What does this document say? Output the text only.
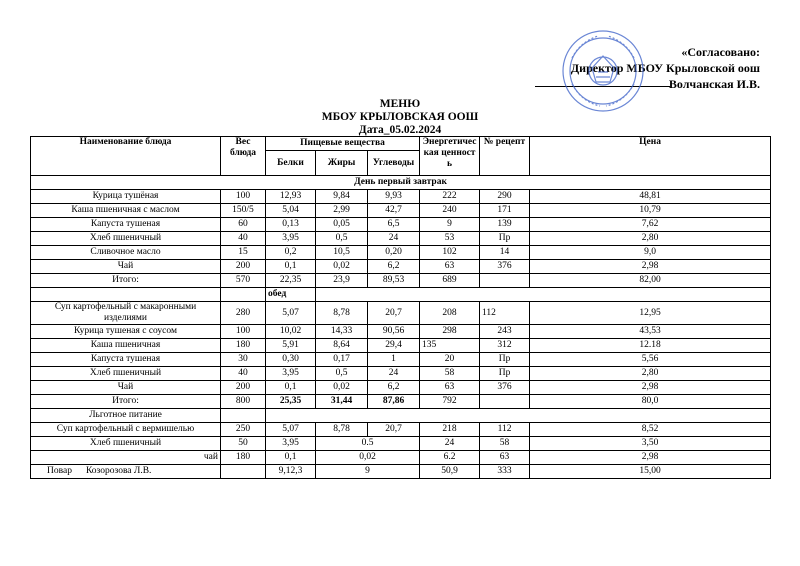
«Согласовано:
Директор МБОУ Крыловской оош
Волчанская И.В.
МЕНЮ
МБОУ КРЫЛОВСКАЯ ООШ
Дата_05.02.2024
Наименование блюда	Вес блюда	Пищевые вещества			Энергетическая ценность	№ рецепт	Цена
		Белки	Жиры	Углеводы			
День первый завтрак							
Курица тушёная	100	12,93	9,84	9,93	222	290	48,81
Каша пшеничная с маслом	150/5	5,04	2,99	42,7	240	171	10,79
Капуста тушеная	60	0,13	0,05	6,5	9	139	7,62
Хлеб пшеничный	40	3,95	0,5	24	53	Пр	2,80
Сливочное масло	15	0,2	10,5	0,20	102	14	9,0
Чай	200	0,1	0,02	6,2	63	376	2,98
Итого:	570	22,35	23,9	89,53	689		82,00
		обед					
Суп картофельный с макаронными изделиями	280	5,07	8,78	20,7	208	112	12,95
Курица тушеная с соусом	100	10,02	14,33	90,56	298	243	43,53
Каша пшеничная	180	5,91	8,64	29,4	135	312	12.18
Капуста тушеная	30	0,30	0,17	1	20	Пр	5,56
Хлеб пшеничный	40	3,95	0,5	24	58	Пр	2,80
Чай	200	0,1	0,02	6,2	63	376	2,98
Итого:	800	25,35	31,44	87,86	792		80,0
Льготное питание							
Суп картофельный с вермишелью	250	5,07	8,78	20,7	218	112	8,52
Хлеб пшеничный	50	3,95	0.5		24	58	3,50
чай	180	0,1	0,02		6.2	63	2,98
Повар Козорозова Л.В.		9,12,3	9		50,9	333	15,00
